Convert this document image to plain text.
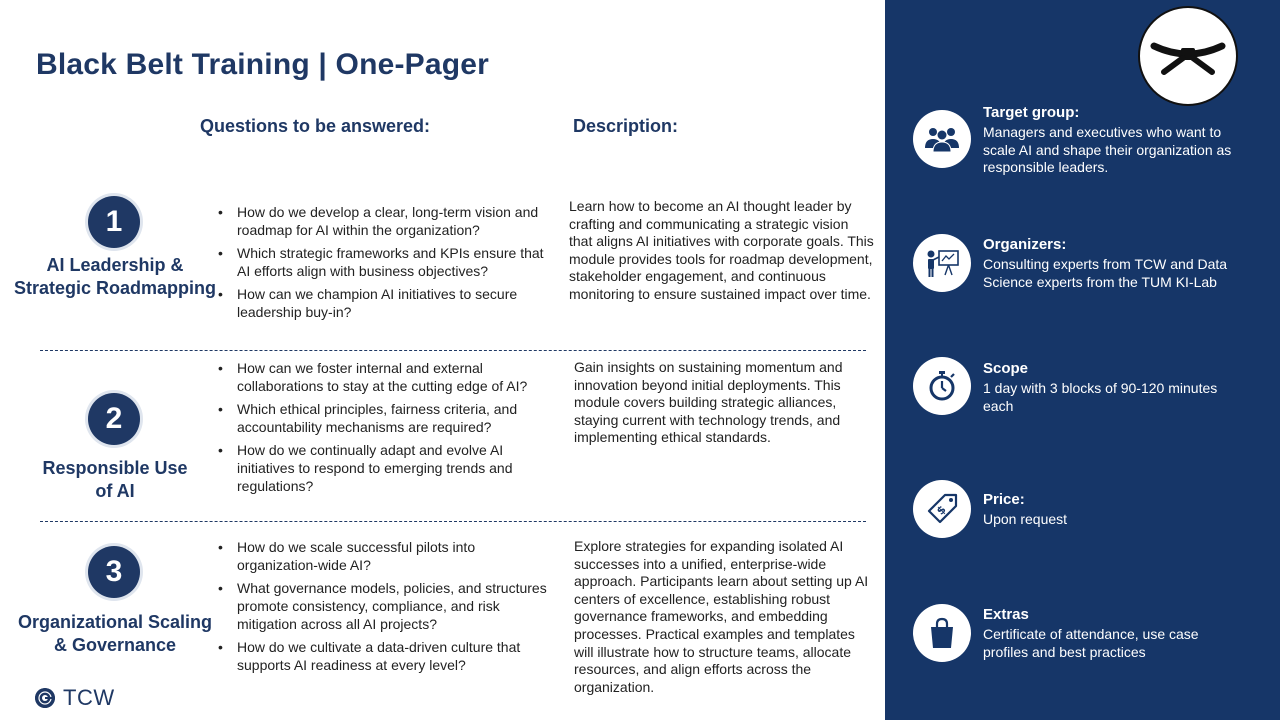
Black Belt Training | One-Pager
Questions to be answered:	Description:
1
AI Leadership &
Strategic Roadmapping
• How do we develop a clear, long-term vision and roadmap for AI within the organization?
• Which strategic frameworks and KPIs ensure that AI efforts align with business objectives?
• How can we champion AI initiatives to secure leadership buy-in?
Learn how to become an AI thought leader by crafting and communicating a strategic vision that aligns AI initiatives with corporate goals. This module provides tools for roadmap development, stakeholder engagement, and continuous monitoring to ensure sustained impact over time.
2
Responsible Use
of AI
• How can we foster internal and external collaborations to stay at the cutting edge of AI?
• Which ethical principles, fairness criteria, and accountability mechanisms are required?
• How do we continually adapt and evolve AI initiatives to respond to emerging trends and regulations?
Gain insights on sustaining momentum and innovation beyond initial deployments. This module covers building strategic alliances, staying current with technology trends, and implementing ethical standards.
3
Organizational Scaling
& Governance
• How do we scale successful pilots into organization-wide AI?
• What governance models, policies, and structures promote consistency, compliance, and risk mitigation across all AI projects?
• How do we cultivate a data-driven culture that supports AI readiness at every level?
Explore strategies for expanding isolated AI successes into a unified, enterprise-wide approach. Participants learn about setting up AI centers of excellence, establishing robust governance frameworks, and embedding processes. Practical examples and templates will illustrate how to structure teams, allocate resources, and align efforts across the organization.
TCW
Target group:
Managers and executives who want to scale AI and shape their organization as responsible leaders.
Organizers:
Consulting experts from TCW and Data Science experts from the TUM KI-Lab
Scope
1 day with 3 blocks of 90-120 minutes each
$
Price:
Upon request
Extras
Certificate of attendance, use case profiles and best practices
